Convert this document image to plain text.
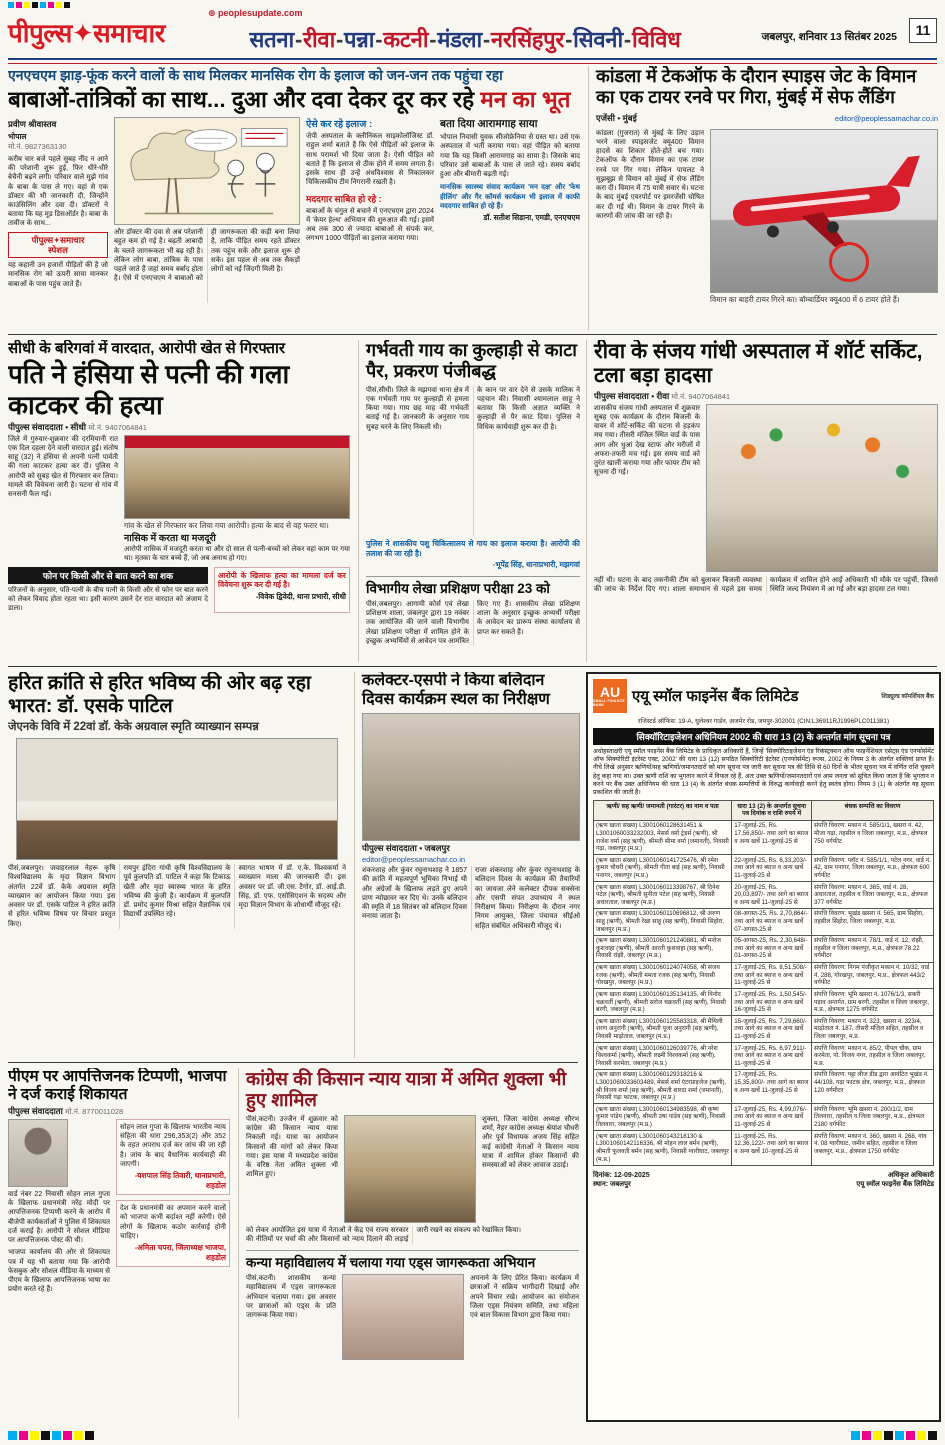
पीपुल्स✦समाचार
⊕ peoplesupdate.com
सतना-रीवा-पन्ना-कटनी-मंडला-नरसिंहपुर-सिवनी-विविध	जबलपुर, शनिवार 13 सितंबर 2025	11
एनएचएम झाड़-फूंक करने वालों के साथ मिलकर मानसिक रोग के इलाज को जन-जन तक पहुंचा रहा
बाबाओं-तांत्रिकों का साथ... दुआ और दवा देकर दूर कर रहे मन का भूत
प्रवीण श्रीवास्तव
भोपाल
मो.नं. 9827363130

करीब चार बजे पहले सुबह नींद न आने की परेशानी शुरू हुई, फिर धीरे-धीरे बेचैनी बढ़ने लगी। परिवार वाले मुझे गांव के बाबा के पास ले गए। वहां से एक डॉक्टर की भी जानकारी दी, जिन्होंने काउंसिलिंग और दवा दी। डॉक्टरों ने बताया कि यह मूड डिसऑर्डर है। बाबा के तावीज के साथ...

पीपुल्स✦समाचार
स्पेशल

यह कहानी उन हजारों पीड़ितों की है जो मानसिक रोग को ऊपरी साया मानकर बाबाओं के पास पहुंच जाते हैं।

और डॉक्टर की दवा से अब परेशानी बहुत कम हो गई है। बढ़ती आबादी के चलते जागरूकता भी बढ़ रही है। लेकिन लोग बाबा, तांत्रिक के पास पहले जाते हैं जहां समय बर्बाद होता है। ऐसे में एनएचएम ने बाबाओं को ही जागरूकता की कड़ी बना लिया है, ताकि पीड़ित समय रहते डॉक्टर तक पहुंच सकें और इलाज शुरू हो सके। इस पहल से अब तक सैकड़ों लोगों को नई जिंदगी मिली है।
ऐसे कर रहे इलाज :

जेपी अस्पताल के क्लीनिकल साइकोलॉजिस्ट डॉ. राहुल शर्मा बताते हैं कि ऐसे पीड़ितों को इलाज के साथ परामर्श भी दिया जाता है। ऐसी पीड़ित को बताते हैं कि इलाज से ठीक होने में समय लगता है। इसके साथ ही उन्हें अंधविश्वास से निकालकर चिकित्सकीय टीम निगरानी रखती है।

मददगार साबित हो रहे :

बाबाओं के चंगुल से बचाने में एनएचएम द्वारा 2024 में 'केयर हेल्थ' अभियान की शुरुआत की गई। इसमें अब तक 300 से ज्यादा बाबाओं से संपर्क कर, लगभग 1000 पीड़ितों का इलाज कराया गया।

बता दिया आरामगाह साया

भोपाल निवासी युवक सीजोफ्रेनिया से ग्रस्त था। उसे एक अस्पताल में भर्ती कराया गया। वहां पीड़ित को बताया गया कि यह किसी आरामगाह का साया है। जिसके बाद परिवार उसे बाबाओं के पास ले जाते रहे। समय बर्बाद हुआ और बीमारी बढ़ती गई।

मानसिक स्वास्थ्य संवाद कार्यक्रम 'मन दक्ष' और 'फेथ हीलिंग' और गैर कॉमर्स कार्यक्रम भी इलाज में काफी मददगार साबित हो रहे हैं।

डॉ. सतीश सिडाना, एमडी, एनएचएम
कांडला में टेकऑफ के दौरान स्पाइस जेट के विमान का एक टायर रनवे पर गिरा, मुंबई में सेफ लैंडिंग
एजेंसी • मुंबई	editor@peoplessamachar.co.in

कांडला (गुजरात) से मुंबई के लिए उड़ान भरने वाला स्पाइसजेट क्यू400 विमान हादसे का शिकार होते-होते बच गया। टेकऑफ के दौरान विमान का एक टायर रनवे पर गिर गया। लेकिन पायलट ने सूझबूझ से विमान को मुंबई में सेफ लैंडिंग करा दी। विमान में 75 यात्री सवार थे। घटना के बाद मुंबई एयरपोर्ट पर इमरजेंसी घोषित कर दी गई थी। विमान के टायर गिरने के कारणों की जांच की जा रही है।

विमान का बाहरी टायर गिरने का। बॉम्बार्डियर क्यू400 में 6 टायर होते हैं।
सीधी के बरिगवां में वारदात, आरोपी खेत से गिरफ्तार
पति ने हंसिया से पत्नी की गला काटकर की हत्या
पीपुल्स संवाददाता • सीधी मो.नं. 9407064841

जिले में गुरुवार-शुक्रवार की दरमियानी रात एक दिल दहला देने वाली वारदात हुई। संतोष साहू (32) ने हंसिया से अपनी पत्नी पार्वती की गला काटकर हत्या कर दी। पुलिस ने आरोपी को सुबह खेत से गिरफ्तार कर लिया। मामले की विवेचना जारी है। घटना से गांव में सनसनी फैल गई।

गांव के खेत से गिरफ्तार कर लिया गया आरोपी। हत्या के बाद से वह फरार था।
नासिक में करता था मजदूरी

आरोपी नासिक में मजदूरी करता था और दो साल से पत्नी-बच्चों को लेकर वहां काम पर गया था। मृतका के चार बच्चे हैं, जो अब अनाथ हो गए।

फोन पर किसी और से बात करने का शक

परिजनों के अनुसार, पति-पत्नी के बीच पत्नी के किसी और से फोन पर बात करने को लेकर विवाद होता रहता था। इसी कारण उसने देर रात वारदात को अंजाम दे डाला।

आरोपी के खिलाफ हत्या का मामला दर्ज कर विवेचना शुरू कर दी गई है।

-विवेक द्विवेदी, थाना प्रभारी, सीधी
गर्भवती गाय का कुल्हाड़ी से काटा पैर, प्रकरण पंजीबद्ध

पीसं,सीधी। जिले के मझगवां थाना क्षेत्र में एक गर्भवती गाय पर कुल्हाड़ी से हमला किया गया। गाय छह माह की गर्भवती बताई गई है। जानकारी के अनुसार गाय सुबह चरने के लिए निकली थी।

के कान पर वार देने से उसके मालिक ने पहचान की। निवासी श्यामलाल साहू ने बताया कि किसी अज्ञात व्यक्ति ने कुल्हाड़ी से पैर काट दिया। पुलिस ने विधिक कार्यवाही शुरू कर दी है।

पुलिस ने शासकीय पशु चिकित्सालय से गाय का इलाज कराया है। आरोपी की तलाश की जा रही है।

-भूपेंद्र सिंह, थानाप्रभारी, मझगवां
विभागीय लेखा प्रशिक्षण परीक्षा 23 को
पीसं,जबलपुर। आगामी कोर्स एवं लेखा प्रशिक्षण शाला, जबलपुर द्वारा 19 नवंबर तक आयोजित की जाने वाली विभागीय लेखा प्रशिक्षण परीक्षा में शामिल होने के इच्छुक अभ्यर्थियों से आवेदन पत्र आमंत्रित किए गए हैं। शासकीय लेखा प्रशिक्षण शाला के अनुसार इच्छुक अभ्यर्थी परीक्षा के आवेदन का प्रारूप संस्था कार्यालय से प्राप्त कर सकते हैं।
रीवा के संजय गांधी अस्पताल में शॉर्ट सर्किट, टला बड़ा हादसा
पीपुल्स संवाददाता • रीवा मो.नं. 9407064841

शासकीय संजय गांधी अस्पताल में शुक्रवार सुबह एक कार्यक्रम के दौरान बिजली के वायर में शॉर्ट-सर्किट की घटना से हड़कंप मच गया। तीसरी मंजिल स्थित वार्ड के पास आग और धुआं देख स्टाफ और मरीजों में अफरा-तफरी मच गई। इस समय वार्ड को तुरंत खाली कराया गया और फायर टीम को सूचना दी गई।

नहीं थी। घटना के बाद तकनीकी टीम को बुलाकर बिजली व्यवस्था की जांच के निर्देश दिए गए। शाला समाधान से पहले इस समय कार्यक्रम में शामिल होने आईं अधिकारी भी मौके पर पहुंचीं, जिससे स्थिति जल्द नियंत्रण में आ गई और बड़ा हादसा टल गया।
हरित क्रांति से हरित भविष्य की ओर बढ़ रहा भारत: डॉ. एसके पाटिल
जेएनके विवि में 22वां डॉ. केके अग्रवाल स्मृति व्याख्यान सम्पन्न

पीसं,जबलपुर। जवाहरलाल नेहरू कृषि विश्वविद्यालय के मृदा विज्ञान विभाग अंतर्गत 22वें डॉ. केके अग्रवाल स्मृति व्याख्यान का आयोजन किया गया। इस अवसर पर डॉ. एसके पाटिल ने हरित क्रांति से हरित भविष्य विषय पर विचार प्रस्तुत किए।

रायपुर इंदिरा गांधी कृषि विश्वविद्यालय के पूर्व कुलपति डॉ. पाटिल ने कहा कि टिकाऊ खेती और मृदा स्वास्थ्य भारत के हरित भविष्य की कुंजी है। कार्यक्रम में कुलपति डॉ. प्रमोद कुमार मिश्रा सहित वैज्ञानिक एवं विद्यार्थी उपस्थित रहे।

स्वागत भाषण में डॉ. ए.के. विश्वकर्मा ने व्याख्यान माला की जानकारी दी। इस अवसर पर डॉ. जी.एस. टैगोर, डॉ. आई.डी. सिंह, डॉ. एफ. एसोसिएशन के सदस्य और मृदा विज्ञान विभाग के शोधार्थी मौजूद रहे।

कलेक्टर-एसपी ने किया बलिदान दिवस कार्यक्रम स्थल का निरीक्षण
पीपुल्स संवाददाता • जबलपुर
editor@peoplessamachar.co.in

शंकरशाह और कुंवर रघुनाथशाह ने 1857 की क्रांति में महत्वपूर्ण भूमिका निभाई थी और अंग्रेजों के खिलाफ लड़ते हुए अपने प्राण न्योछावर कर दिए थे। उनके बलिदान की स्मृति में 18 सितंबर को बलिदान दिवस मनाया जाता है।

राजा शंकरशाह और कुंवर रघुनाथशाह के बलिदान दिवस के कार्यक्रम की तैयारियों का जायजा लेने कलेक्टर दीपक सक्सेना और एसपी संपत उपाध्याय ने स्थल निरीक्षण किया। निरीक्षण के दौरान नगर निगम आयुक्त, जिला पंचायत सीईओ सहित संबंधित अधिकारी मौजूद थे।

AU
SMALL FINANCE BANK	एयू स्मॉल फाइनेंस बैंक लिमिटेड	शिड्यूल्ड कॉमर्शियल बैंक
रजिस्टर्ड ऑफिस: 19-A, धुलेश्वर गार्डन, अजमेर रोड, जयपुर-302001 (CIN:L36911RJ1996PLC011381)
सिक्यॉरिटाइजेशन अधिनियम 2002 की धारा 13 (2) के अन्तर्गत मांग सूचना पत्र
अधोहस्ताक्षरी एयू स्मॉल फाइनेंस बैंक लिमिटेड के प्राधिकृत अधिकारी हैं, जिन्हें 'सिक्योरिटाइजेशन एंड रिकंस्ट्रक्शन ऑफ फाइनेंशियल एसेट्स एंड एनफोर्समेंट ऑफ सिक्योरिटी इंटरेस्ट एक्ट, 2002' की धारा 13 (12) सपठित सिक्योरिटी इंटरेस्ट (एनफोर्समेंट) रूल्स, 2002 के नियम 3 के अंतर्गत शक्तियां प्राप्त हैं। नीचे लिखे अनुसार ऋणियों/सह ऋणियों/जमानतदारों को मांग सूचना पत्र जारी कर सूचना पत्र की तिथि से 60 दिनों के भीतर सूचना पत्र में वर्णित राशि चुकाने हेतु कहा गया था। उक्त ऋणी राशि का भुगतान करने में विफल रहे हैं, अतः उक्त ऋणियों/जमानतदारों एवं आम जनता को सूचित किया जाता है कि भुगतान न करने पर बैंक उक्त अधिनियम की धारा 13 (4) के अंतर्गत बंधक सम्पत्तियों के विरुद्ध कार्यवाही करने हेतु स्वतंत्र होगा। नियम 3 (1) के अंतर्गत यह सूचना प्रकाशित की जाती है।
ऋणी/ सह ऋणी/ जमानती (गारंटर) का नाम व पता	धारा 13 (2) के अन्तर्गत सूचना पत्र दिनांक व राशि रुपये में	बंधक सम्पत्ति का विवरण
(ऋण खाता संख्या) L3001060128631451 & L3001060033232003, मेसर्स वर्मा ट्रेडर्स (ऋणी), श्री राजेश वर्मा (सह ऋणी), श्रीमती सीमा वर्मा (जमानती), निवासी गढ़ा, जबलपुर (म.प्र.)	17-जुलाई-25, Rs. 17,56,850/- तथा आगे का ब्याज व अन्य खर्चे 11-जुलाई-25 से	संपत्ति विवरण: मकान नं. 585/1/1, खसरा नं. 42, मौजा गढ़ा, तहसील व जिला जबलपुर, म.प्र., क्षेत्रफल 750 वर्गफीट
(ऋण खाता संख्या) L3001060141725476, श्री रमेश कुमार चौधरी (ऋणी), श्रीमती गीता बाई (सह ऋणी), निवासी पनागर, जबलपुर (म.प्र.)	22-जुलाई-25, Rs. 6,33,203/- तथा आगे का ब्याज व अन्य खर्चे 11-जुलाई-25 से	संपत्ति विवरण: प्लॉट नं. 585/1/1, पटेल नगर, वार्ड नं. 42, ग्राम पनागर, जिला जबलपुर, म.प्र., क्षेत्रफल 600 वर्गफीट
(ऋण खाता संख्या) L3001060113398767, श्री दिनेश पटेल (ऋणी), श्रीमती सुनीता पटेल (सह ऋणी), निवासी अधारताल, जबलपुर (म.प्र.)	20-जुलाई-25, Rs. 20,03,897/- तथा आगे का ब्याज व अन्य खर्चे 11-जुलाई-25 से	संपत्ति विवरण: मकान नं. 365, वार्ड नं. 28, अधारताल, तहसील व जिला जबलपुर, म.प्र., क्षेत्रफल 377 वर्गफीट
(ऋण खाता संख्या) L3001060110696812, श्री अरुण साहू (ऋणी), श्रीमती रेखा साहू (सह ऋणी), निवासी सिहोरा, जबलपुर (म.प्र.)	08-अगस्त-25, Rs. 2,70,864/- तथा आगे का ब्याज व अन्य खर्चे 07-अगस्त-25 से	संपत्ति विवरण: भूखंड खसरा नं. 565, ग्राम सिहोरा, तहसील सिहोरा, जिला जबलपुर, म.प्र.
(ऋण खाता संख्या) L3001060121240881, श्री मनोज कुशवाहा (ऋणी), श्रीमती आरती कुशवाहा (सह ऋणी), निवासी रांझी, जबलपुर (म.प्र.)	05-अगस्त-25, Rs. 2,30,648/- तथा आगे का ब्याज व अन्य खर्चे 01-अगस्त-25 से	संपत्ति विवरण: मकान नं. 78/1, वार्ड नं. 12, रांझी, तहसील व जिला जबलपुर, म.प्र., क्षेत्रफल 78.22 वर्गमीटर
(ऋण खाता संख्या) L3001060124074058, श्री संजय रजक (ऋणी), श्रीमती ममता रजक (सह ऋणी), निवासी गोरखपुर, जबलपुर (म.प्र.)	17-जुलाई-25, Rs. 8,51,508/- तथा आगे का ब्याज व अन्य खर्चे 11-जुलाई-25 से	संपत्ति विवरण: निगम पंजीकृत मकान नं. 10/32, वार्ड नं. 288, गोरखपुर, जबलपुर, म.प्र., क्षेत्रफल 443/2 वर्गफीट
(ऋण खाता संख्या) L3001060135134135, श्री विनोद चक्रवर्ती (ऋणी), श्रीमती सरोज चक्रवर्ती (सह ऋणी), निवासी बरगी, जबलपुर (म.प्र.)	17-जुलाई-25, Rs. 1,50,545/- तथा आगे का ब्याज व अन्य खर्चे 16-जुलाई-25 से	संपत्ति विवरण: भूमि खसरा नं. 1076/1/3, सकरी पड़ाव अन्तर्गत, ग्राम बरगी, तहसील व जिला जबलपुर, म.प्र., क्षेत्रफल 1275 वर्गफीट
(ऋण खाता संख्या) L3001060125583318, श्री मैथिली शरण अनुरागी (ऋणी), श्रीमती पूजा अनुरागी (सह ऋणी), निवासी माढ़ोताल, जबलपुर (म.प्र.)	15-जुलाई-25, Rs. 7,29,660/- तथा आगे का ब्याज व अन्य खर्चे 11-जुलाई-25 से	संपत्ति विवरण: मकान नं. 323, खसरा नं. 323/4, माढ़ोताल नं. 187, तीसरी मंजिल सहित, तहसील व जिला जबलपुर, म.प्र.
(ऋण खाता संख्या) L3001060126039776, श्री नरेश विश्वकर्मा (ऋणी), श्रीमती लक्ष्मी विश्वकर्मा (सह ऋणी), निवासी करमेता, जबलपुर (म.प्र.)	17-जुलाई-25, Rs. 6,97,911/- तथा आगे का ब्याज व अन्य खर्चे 11-जुलाई-25 से	संपत्ति विवरण: मकान नं. 85/2, पीपल चौक, ग्राम करमेता, पो. विजय नगर, तहसील व जिला जबलपुर, म.प्र.
(ऋण खाता संख्या) L3001060129318216 & L3001060033603489, मेसर्स शर्मा एंटरप्राइजेज (ऋणी), श्री विजय शर्मा (सह ऋणी), श्रीमती शारदा शर्मा (जमानती), निवासी गढ़ा फाटक, जबलपुर (म.प्र.)	17-जुलाई-25, Rs. 15,35,800/- तथा आगे का ब्याज व अन्य खर्चे 11-जुलाई-25 से	संपत्ति विवरण: पट्टा लीज डीड द्वारा आवंटित भूखंड नं. 44/108, गढ़ा फाटक क्षेत्र, जबलपुर, म.प्र., क्षेत्रफल 120 वर्गमीटर
(ऋण खाता संख्या) L3001060134983598, श्री कृष्ण कुमार पांडेय (ऋणी), श्रीमती उषा पांडेय (सह ऋणी), निवासी तिलवारा, जबलपुर (म.प्र.)	17-जुलाई-25, Rs. 4,99,076/- तथा आगे का ब्याज व अन्य खर्चे 11-जुलाई-25 से	संपत्ति विवरण: भूमि खसरा नं. 200/1/2, ग्राम तिलवारा, तहसील व जिला जबलपुर, म.प्र., क्षेत्रफल 2180 वर्गफीट
(ऋण खाता संख्या) L3001060143218130 & L3001060142116336, श्री मोहन लाल बर्मन (ऋणी), श्रीमती फूलवती बर्मन (सह ऋणी), निवासी ग्वारीघाट, जबलपुर (म.प्र.)	11-जुलाई-25, Rs. 12,36,122/- तथा आगे का ब्याज व अन्य खर्चे 10-जुलाई-25 से	संपत्ति विवरण: मकान नं. 360, खसरा नं. 268, गांव नं. 08 ग्वारीघाट, जमीन सहित, तहसील व जिला जबलपुर, म.प्र., क्षेत्रफल 1750 वर्गफीट
दिनांक: 12-09-2025
स्थान: जबलपुर
अधिकृत अधिकारी
एयू स्मॉल फाइनेंस बैंक लिमिटेड
पीएम पर आपत्तिजनक टिप्पणी, भाजपा ने दर्ज कराई शिकायत
पीपुल्स संवाददाता मो.नं. 8770011028

वार्ड नंबर 22 निवासी सोहन लाल गुप्ता के खिलाफ प्रधानमंत्री नरेंद्र मोदी पर आपत्तिजनक टिप्पणी करने के आरोप में बीजेपी कार्यकर्ताओं ने पुलिस में शिकायत दर्ज कराई है। आरोपी ने सोशल मीडिया पर आपत्तिजनक पोस्ट की थी।

भाजपा कार्यालय की ओर से शिकायत पत्र में यह भी बताया गया कि आरोपी फेसबुक और सोशल मीडिया के माध्यम से पीएम के खिलाफ आपत्तिजनक भाषा का प्रयोग करते रहे हैं।

सोहन लाल गुप्ता के खिलाफ भारतीय न्याय संहिता की धारा 296,353(2) और 352 के तहत अपराध दर्ज कर जांच की जा रही है। जांच के बाद वैधानिक कार्यवाही की जाएगी।

-यशपाल सिंह तिवारी, थानाप्रभारी, शहडोल

देश के प्रधानमंत्री का अपमान करने वालों को भाजपा कभी बर्दाश्त नहीं करेगी। ऐसे लोगों के खिलाफ कठोर कार्रवाई होनी चाहिए।

-अमिता चपरा, जिलाध्यक्ष भाजपा, शहडोल
कांग्रेस की किसान न्याय यात्रा में अमित शुक्ला भी हुए शामिल

पीसं,कटनी। उज्जैन में शुक्रवार को कांग्रेस की किसान न्याय यात्रा निकाली गई। यात्रा का आयोजन किसानों की मांगों को लेकर किया गया। इस यात्रा में मध्यप्रदेश कांग्रेस के वरिष्ठ नेता अमित शुक्ला भी शामिल हुए।

शुक्ला, जिला कांग्रेस अध्यक्ष सौरभ शर्मा, नैहर कांग्रेस अध्यक्ष श्रेयांश चौधरी और पूर्व विधायक अजय सिंह सहित कई कांग्रेसी नेताओं ने किसान न्याय यात्रा में शामिल होकर किसानों की समस्याओं को लेकर आवाज उठाई।

को लेकर आयोजित इस यात्रा में नेताओं ने केंद्र एवं राज्य सरकार की नीतियों पर चर्चा की और किसानों को न्याय दिलाने की लड़ाई जारी रखने का संकल्प को रेखांकित किया।
कन्या महाविद्यालय में चलाया गया एड्स जागरूकता अभियान

पीसं,कटनी। शासकीय कन्या महाविद्यालय में एड्स जागरूकता अभियान चलाया गया। इस अवसर पर छात्राओं को एड्स के प्रति जागरूक किया गया।

अपनाने के लिए प्रेरित किया। कार्यक्रम में छात्राओं ने सक्रिय भागीदारी दिखाई और अपने विचार रखे। आयोजन का संयोजन जिला एड्स नियंत्रण समिति, तथा महिला एवं बाल विकास विभाग द्वारा किया गया।
